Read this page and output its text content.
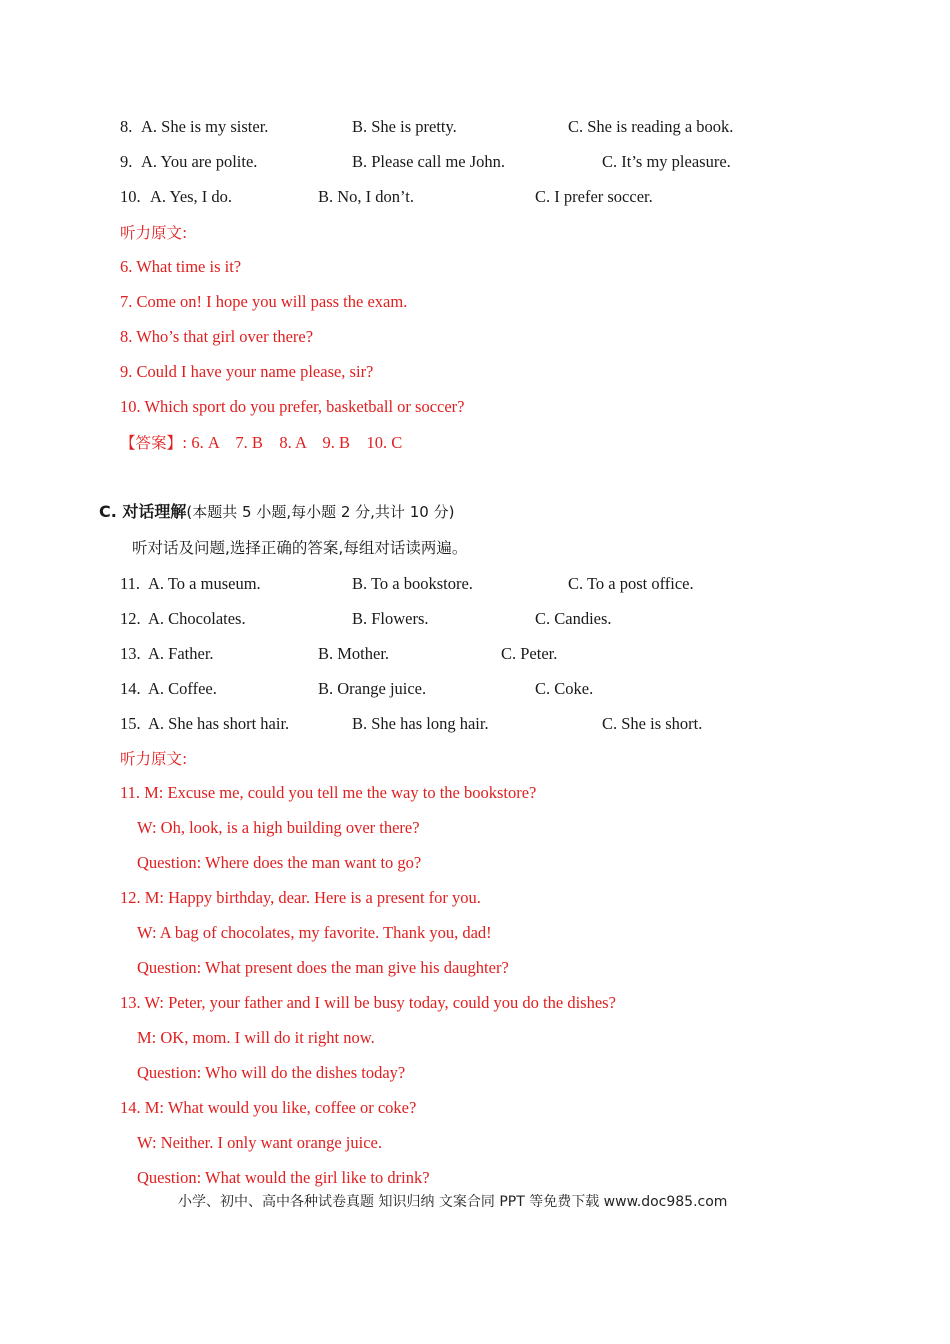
8. A. She is my sister.	B. She is pretty.	C. She is reading a book.
9. A. You are polite.	B. Please call me John.	C. It’s my pleasure.
10. A. Yes, I do.	B. No, I don’t.	C. I prefer soccer.
听力原文:
6. What time is it?
7. Come on! I hope you will pass the exam.
8. Who’s that girl over there?
9. Could I have your name please, sir?
10. Which sport do you prefer, basketball or soccer?
【答案】: 6. A    7. B    8. A    9. B    10. C
C. 对话理解(本题共 5 小题,每小题 2 分,共计 10 分)
听对话及问题,选择正确的答案,每组对话读两遍。
11. A. To a museum.	B. To a bookstore.	C. To a post office.
12. A. Chocolates.	B. Flowers.	C. Candies.
13. A. Father.	B. Mother.	C. Peter.
14. A. Coffee.	B. Orange juice.	C. Coke.
15. A. She has short hair.	B. She has long hair.	C. She is short.
听力原文:
11. M: Excuse me, could you tell me the way to the bookstore?
W: Oh, look, is a high building over there?
Question: Where does the man want to go?
12. M: Happy birthday, dear. Here is a present for you.
W: A bag of chocolates, my favorite. Thank you, dad!
Question: What present does the man give his daughter?
13. W: Peter, your father and I will be busy today, could you do the dishes?
M: OK, mom. I will do it right now.
Question: Who will do the dishes today?
14. M: What would you like, coffee or coke?
W: Neither. I only want orange juice.
Question: What would the girl like to drink?
小学、初中、高中各种试卷真题 知识归纳 文案合同 PPT 等免费下载 www.doc985.com
